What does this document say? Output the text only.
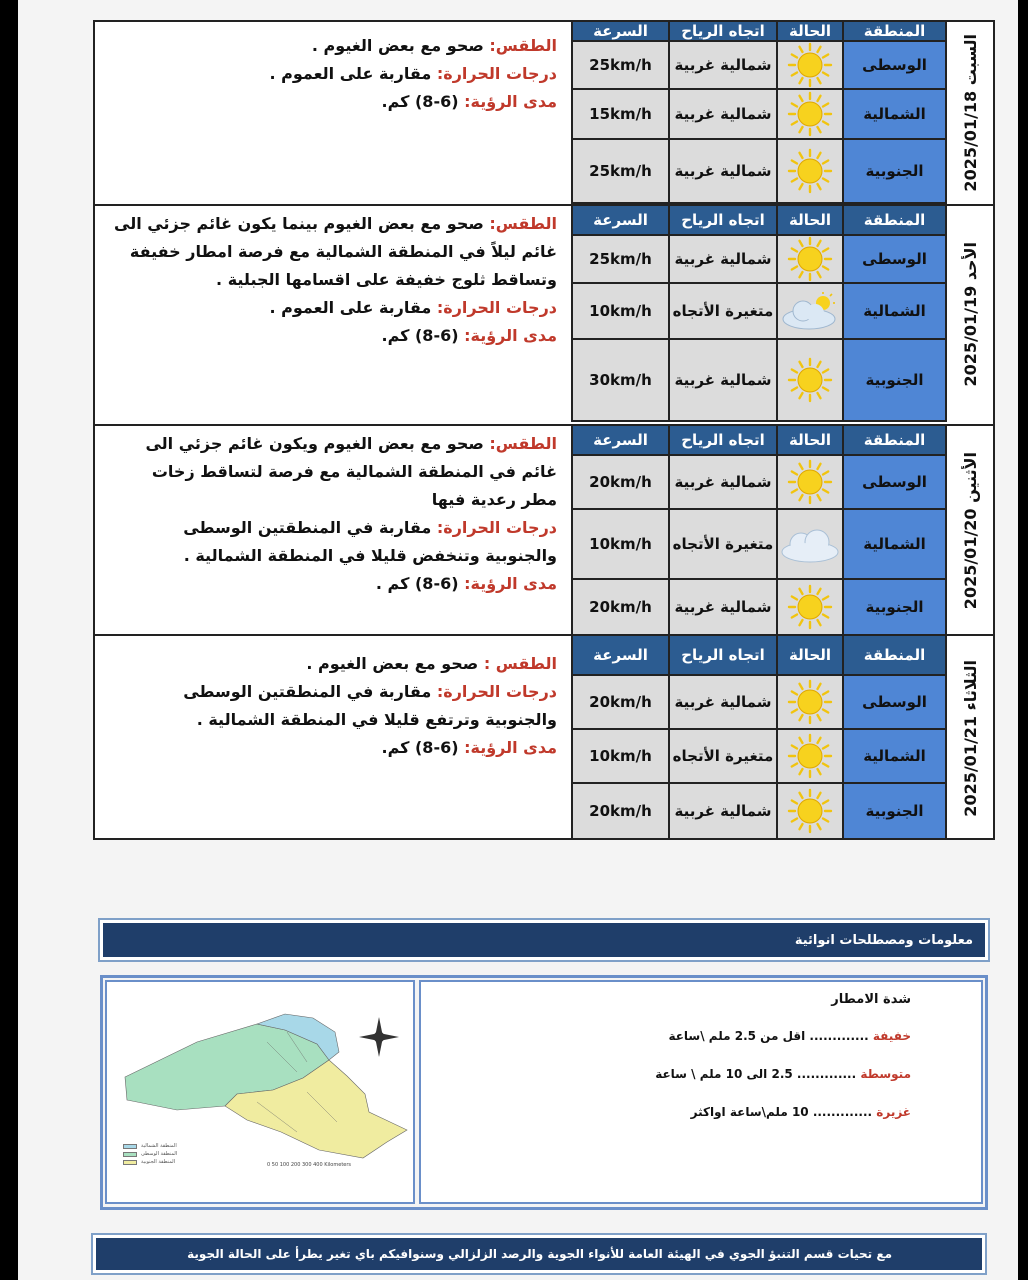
الطقس: صحو مع بعض الغيوم .
درجات الحرارة: مقاربة على العموم .
مدى الرؤية: (6-8) كم.
السرعة	اتجاه الرياح	الحالة	المنطقة
25km/h	شمالية غربية	الوسطى
15km/h	شمالية غربية	الشمالية
25km/h	شمالية غربية	الجنوبية	السبت 2025/01/18
الطقس: صحو مع بعض الغيوم بينما يكون غائم جزئي الى غائم ليلاً في المنطقة الشمالية مع فرصة امطار خفيفة وتساقط ثلوج خفيفة على اقسامها الجبلية .
درجات الحرارة: مقاربة على العموم .
مدى الرؤية: (6-8) كم.
السرعة	اتجاه الرياح	الحالة	المنطقة
25km/h	شمالية غربية	الوسطى
10km/h	متغيرة الأتجاه	الشمالية
30km/h	شمالية غربية	الجنوبية	الأحد 2025/01/19
الطقس: صحو مع بعض الغيوم ويكون غائم جزئي الى غائم في المنطقة الشمالية مع فرصة لتساقط زخات مطر رعدية فيها
درجات الحرارة: مقاربة في المنطقتين الوسطى والجنوبية وتنخفض قليلا في المنطقة الشمالية .
مدى الرؤية: (6-8) كم .
السرعة	اتجاه الرياح	الحالة	المنطقة
20km/h	شمالية غربية	الوسطى
10km/h	متغيرة الأتجاه	الشمالية
20km/h	شمالية غربية	الجنوبية	الأثنين 2025/01/20
الطقس : صحو مع بعض الغيوم .
درجات الحرارة: مقاربة في المنطقتين الوسطى والجنوبية وترتفع قليلا في المنطقة الشمالية .
مدى الرؤية: (6-8) كم.
السرعة	اتجاه الرياح	الحالة	المنطقة
20km/h	شمالية غربية	الوسطى
10km/h	متغيرة الأتجاه	الشمالية
20km/h	شمالية غربية	الجنوبية	الثلاثاء 2025/01/21
معلومات ومصطلحات انوائية
المنطقة الشمالية
المنطقة الوسطى
المنطقة الجنوبية	0 50 100 200 300 400 Kilometers
شدة الامطار
خفيفة ............. اقل من 2.5 ملم \ساعة
متوسطة ............. 2.5 الى 10 ملم \ ساعة
غزيرة ............. 10 ملم\ساعة اواكثر
مع تحيات قسم التنبؤ الجوي في الهيئة العامة للأنواء الجوية والرصد الزلزالي وسنوافيكم باي تغير يطرأ على الحالة الجوية
